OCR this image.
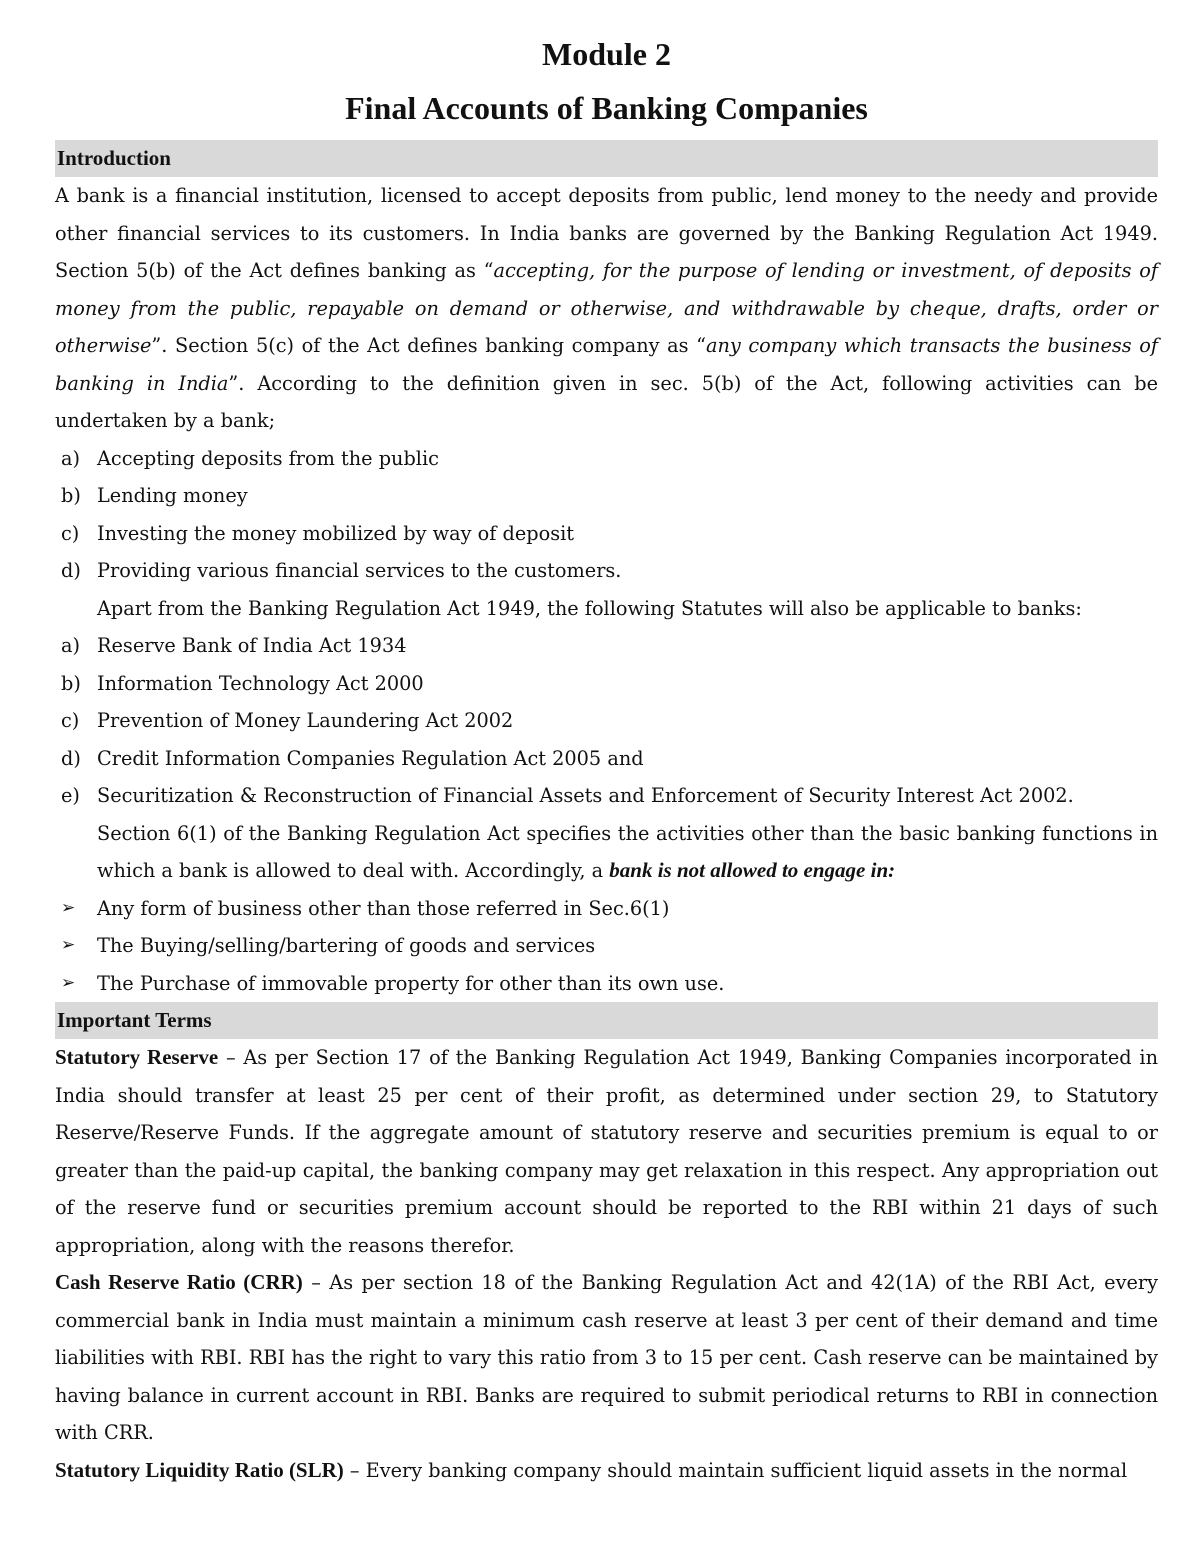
Module 2
Final Accounts of Banking Companies
Introduction

A bank is a financial institution, licensed to accept deposits from public, lend money to the needy and provide other financial services to its customers. In India banks are governed by the Banking Regulation Act 1949. Section 5(b) of the Act defines banking as “accepting, for the purpose of lending or investment, of deposits of money from the public, repayable on demand or otherwise, and withdrawable by cheque, drafts, order or otherwise”. Section 5(c) of the Act defines banking company as “any company which transacts the business of banking in India”. According to the definition given in sec. 5(b) of the Act, following activities can be undertaken by a bank;

a) Accepting deposits from the public
b) Lending money
c) Investing the money mobilized by way of deposit
d) Providing various financial services to the customers.

Apart from the Banking Regulation Act 1949, the following Statutes will also be applicable to banks:

a) Reserve Bank of India Act 1934
b) Information Technology Act 2000
c) Prevention of Money Laundering Act 2002
d) Credit Information Companies Regulation Act 2005 and
e) Securitization & Reconstruction of Financial Assets and Enforcement of Security Interest Act 2002.

Section 6(1) of the Banking Regulation Act specifies the activities other than the basic banking functions in which a bank is allowed to deal with. Accordingly, a bank is not allowed to engage in:

➢ Any form of business other than those referred in Sec.6(1)
➢ The Buying/selling/bartering of goods and services
➢ The Purchase of immovable property for other than its own use.
Important Terms

Statutory Reserve – As per Section 17 of the Banking Regulation Act 1949, Banking Companies incorporated in India should transfer at least 25 per cent of their profit, as determined under section 29, to Statutory Reserve/Reserve Funds. If the aggregate amount of statutory reserve and securities premium is equal to or greater than the paid-up capital, the banking company may get relaxation in this respect. Any appropriation out of the reserve fund or securities premium account should be reported to the RBI within 21 days of such appropriation, along with the reasons therefor.

Cash Reserve Ratio (CRR) – As per section 18 of the Banking Regulation Act and 42(1A) of the RBI Act, every commercial bank in India must maintain a minimum cash reserve at least 3 per cent of their demand and time liabilities with RBI. RBI has the right to vary this ratio from 3 to 15 per cent. Cash reserve can be maintained by having balance in current account in RBI. Banks are required to submit periodical returns to RBI in connection with CRR.

Statutory Liquidity Ratio (SLR) – Every banking company should maintain sufficient liquid assets in the normal
